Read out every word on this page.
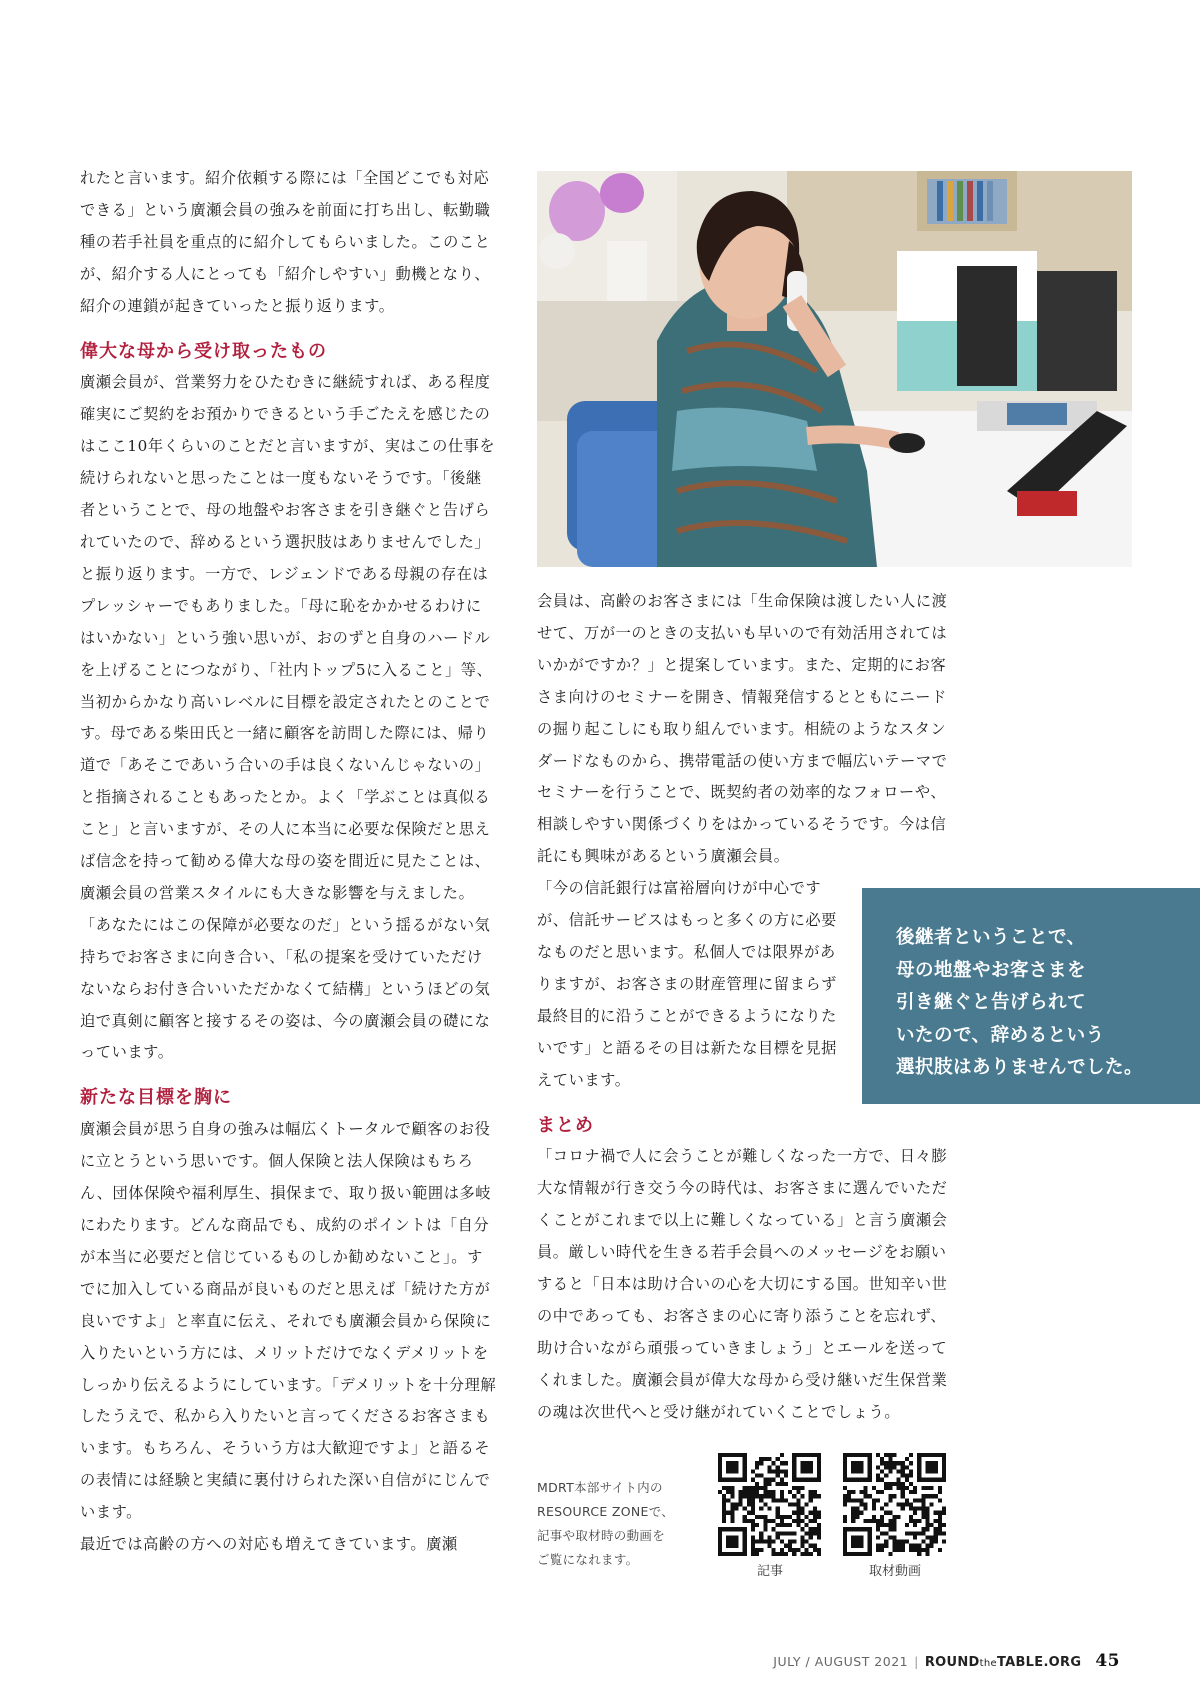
れたと言います。紹介依頼する際には「全国どこでも対応できる」という廣瀬会員の強みを前面に打ち出し、転勤職種の若手社員を重点的に紹介してもらいました。このことが、紹介する人にとっても「紹介しやすい」動機となり、紹介の連鎖が起きていったと振り返ります。

偉大な母から受け取ったもの

廣瀬会員が、営業努力をひたむきに継続すれば、ある程度確実にご契約をお預かりできるという手ごたえを感じたのはここ10年くらいのことだと言いますが、実はこの仕事を続けられないと思ったことは一度もないそうです。「後継者ということで、母の地盤やお客さまを引き継ぐと告げられていたので、辞めるという選択肢はありませんでした」と振り返ります。一方で、レジェンドである母親の存在はプレッシャーでもありました。「母に恥をかかせるわけにはいかない」という強い思いが、おのずと自身のハードルを上げることにつながり、「社内トップ5に入ること」等、当初からかなり高いレベルに目標を設定されたとのことです。母である柴田氏と一緒に顧客を訪問した際には、帰り道で「あそこであいう合いの手は良くないんじゃないの」と指摘されることもあったとか。よく「学ぶことは真似ること」と言いますが、その人に本当に必要な保険だと思えば信念を持って勧める偉大な母の姿を間近に見たことは、廣瀬会員の営業スタイルにも大きな影響を与えました。

「あなたにはこの保障が必要なのだ」という揺るがない気持ちでお客さまに向き合い、「私の提案を受けていただけないならお付き合いいただかなくて結構」というほどの気迫で真剣に顧客と接するその姿は、今の廣瀬会員の礎になっています。

新たな目標を胸に

廣瀬会員が思う自身の強みは幅広くトータルで顧客のお役に立とうという思いです。個人保険と法人保険はもちろん、団体保険や福利厚生、損保まで、取り扱い範囲は多岐にわたります。どんな商品でも、成約のポイントは「自分が本当に必要だと信じているものしか勧めないこと」。すでに加入している商品が良いものだと思えば「続けた方が良いですよ」と率直に伝え、それでも廣瀬会員から保険に入りたいという方には、メリットだけでなくデメリットをしっかり伝えるようにしています。「デメリットを十分理解したうえで、私から入りたいと言ってくださるお客さまもいます。もちろん、そういう方は大歓迎ですよ」と語るその表情には経験と実績に裏付けられた深い自信がにじんでいます。

最近では高齢の方への対応も増えてきています。廣瀬

会員は、高齢のお客さまには「生命保険は渡したい人に渡せて、万が一のときの支払いも早いので有効活用されてはいかがですか？」と提案しています。また、定期的にお客さま向けのセミナーを開き、情報発信するとともにニードの掘り起こしにも取り組んでいます。相続のようなスタンダードなものから、携帯電話の使い方まで幅広いテーマでセミナーを行うことで、既契約者の効率的なフォローや、相談しやすい関係づくりをはかっているそうです。今は信託にも興味があるという廣瀬会員。

「今の信託銀行は富裕層向けが中心ですが、信託サービスはもっと多くの方に必要なものだと思います。私個人では限界がありますが、お客さまの財産管理に留まらず最終目的に沿うことができるようになりたいです」と語るその目は新たな目標を見据えています。

まとめ

「コロナ禍で人に会うことが難しくなった一方で、日々膨大な情報が行き交う今の時代は、お客さまに選んでいただくことがこれまで以上に難しくなっている」と言う廣瀬会員。厳しい時代を生きる若手会員へのメッセージをお願いすると「日本は助け合いの心を大切にする国。世知辛い世の中であっても、お客さまの心に寄り添うことを忘れず、助け合いながら頑張っていきましょう」とエールを送ってくれました。廣瀬会員が偉大な母から受け継いだ生保営業の魂は次世代へと受け継がれていくことでしょう。

後継者ということで、

母の地盤やお客さまを

引き継ぐと告げられて

いたので、辞めるという

選択肢はありませんでした。

MDRT本部サイト内の

RESOURCE ZONEで、

記事や取材時の動画を

ご覧になれます。

記事	取材動画
JULY / AUGUST 2021 | ROUNDtheTABLE.ORG 45
